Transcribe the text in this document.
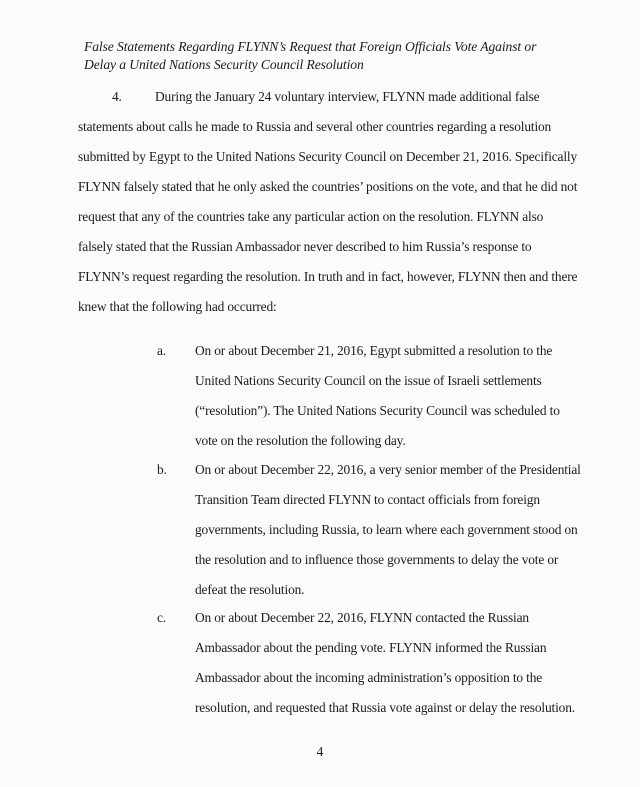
False Statements Regarding FLYNN’s Request that Foreign Officials Vote Against or
Delay a United Nations Security Council Resolution
4. During the January 24 voluntary interview, FLYNN made additional false
statements about calls he made to Russia and several other countries regarding a resolution
submitted by Egypt to the United Nations Security Council on December 21, 2016. Specifically
FLYNN falsely stated that he only asked the countries’ positions on the vote, and that he did not
request that any of the countries take any particular action on the resolution. FLYNN also
falsely stated that the Russian Ambassador never described to him Russia’s response to
FLYNN’s request regarding the resolution. In truth and in fact, however, FLYNN then and there
knew that the following had occurred:
a. On or about December 21, 2016, Egypt submitted a resolution to the
United Nations Security Council on the issue of Israeli settlements
(“resolution”). The United Nations Security Council was scheduled to
vote on the resolution the following day.
b. On or about December 22, 2016, a very senior member of the Presidential
Transition Team directed FLYNN to contact officials from foreign
governments, including Russia, to learn where each government stood on
the resolution and to influence those governments to delay the vote or
defeat the resolution.
c. On or about December 22, 2016, FLYNN contacted the Russian
Ambassador about the pending vote. FLYNN informed the Russian
Ambassador about the incoming administration’s opposition to the
resolution, and requested that Russia vote against or delay the resolution.
4
